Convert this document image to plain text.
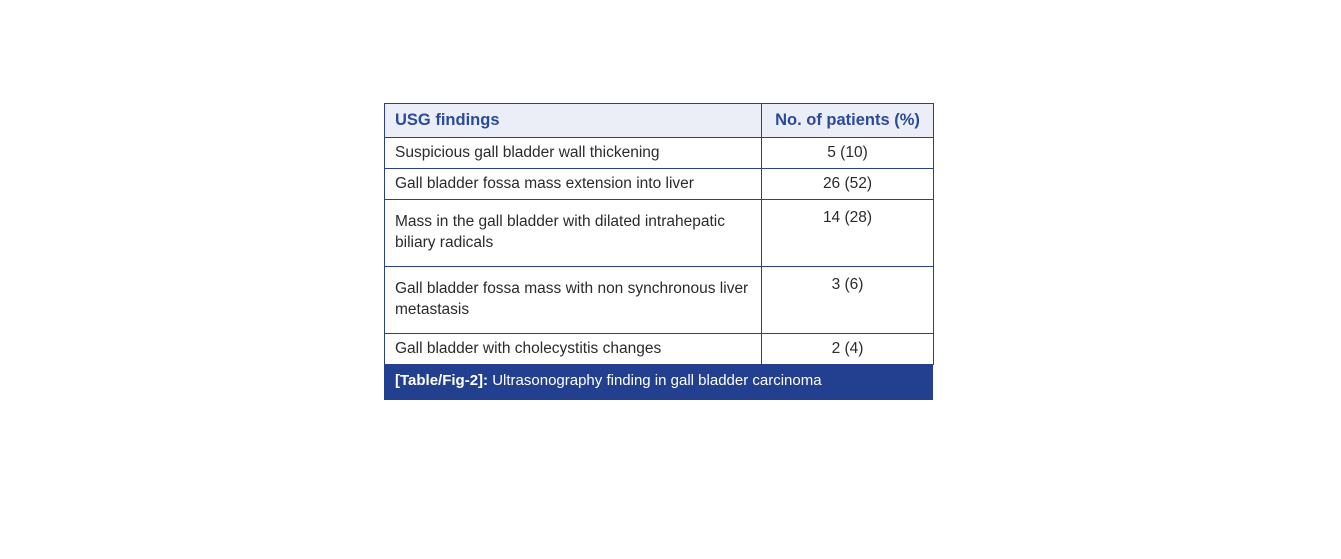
USG findings	No. of patients (%)
Suspicious gall bladder wall thickening	5 (10)
Gall bladder fossa mass extension into liver	26 (52)
Mass in the gall bladder with dilated intrahepatic biliary radicals	14 (28)
Gall bladder fossa mass with non synchronous liver metastasis	3 (6)
Gall bladder with cholecystitis changes	2 (4)
[Table/Fig-2]: Ultrasonography finding in gall bladder carcinoma
